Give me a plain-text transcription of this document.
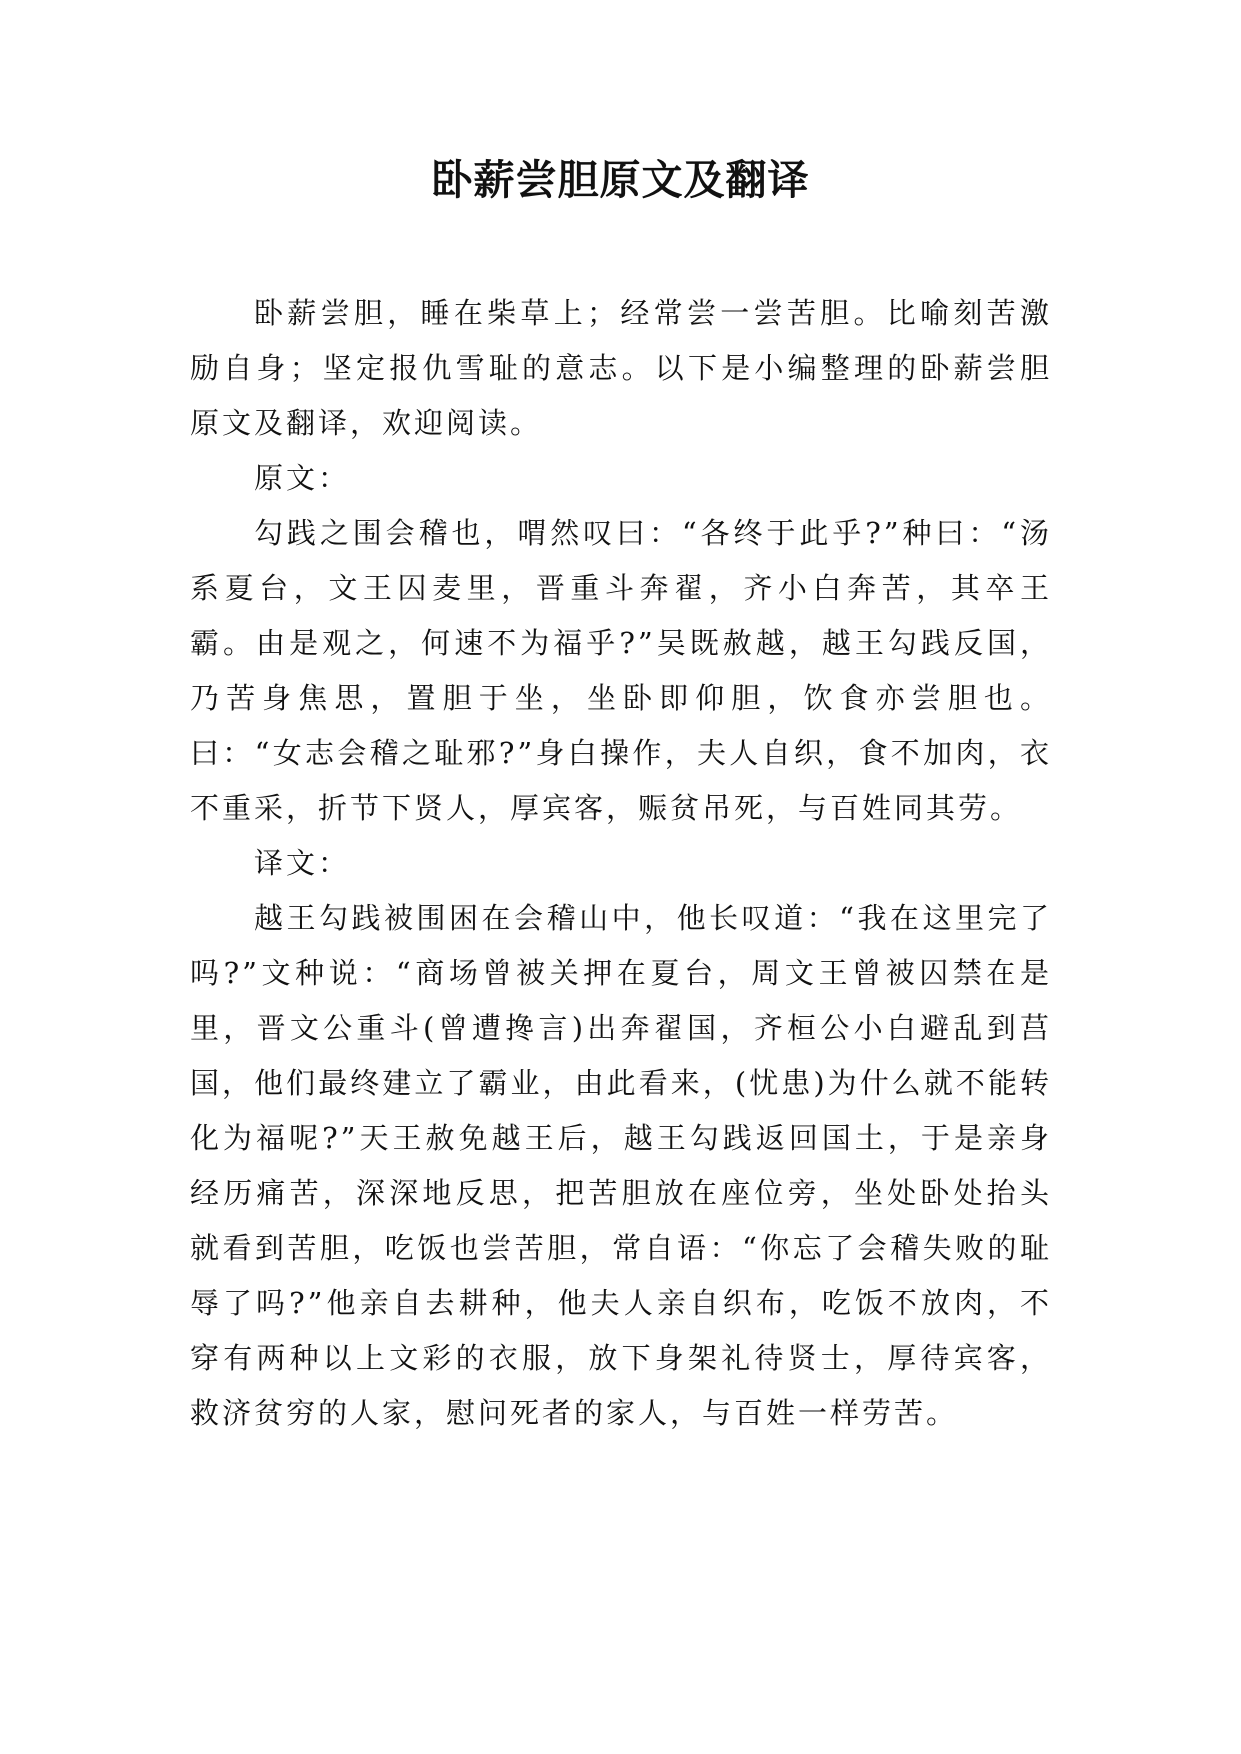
卧薪尝胆原文及翻译

卧薪尝胆，睡在柴草上；经常尝一尝苦胆。比喻刻苦激励自身；坚定报仇雪耻的意志。以下是小编整理的卧薪尝胆原文及翻译，欢迎阅读。

原文：

勾践之围会稽也，喟然叹曰：“各终于此乎?”种曰：“汤系夏台，文王囚麦里，晋重斗奔翟，齐小白奔苦，其卒王霸。由是观之，何速不为福乎?”吴既赦越，越王勾践反国，乃苦身焦思，置胆于坐，坐卧即仰胆，饮食亦尝胆也。曰：“女志会稽之耻邪?”身白操作，夫人自织，食不加肉，衣不重采，折节下贤人，厚宾客，赈贫吊死，与百姓同其劳。

译文：

越王勾践被围困在会稽山中，他长叹道：“我在这里完了吗?”文种说：“商场曾被关押在夏台，周文王曾被囚禁在是里，晋文公重斗(曾遭搀言)出奔翟国，齐桓公小白避乱到莒国，他们最终建立了霸业，由此看来，(忧患)为什么就不能转化为福呢?”天王赦免越王后，越王勾践返回国土，于是亲身经历痛苦，深深地反思，把苦胆放在座位旁，坐处卧处抬头就看到苦胆，吃饭也尝苦胆，常自语：“你忘了会稽失败的耻辱了吗?”他亲自去耕种，他夫人亲自织布，吃饭不放肉，不穿有两种以上文彩的衣服，放下身架礼待贤士，厚待宾客，救济贫穷的人家，慰问死者的家人，与百姓一样劳苦。
